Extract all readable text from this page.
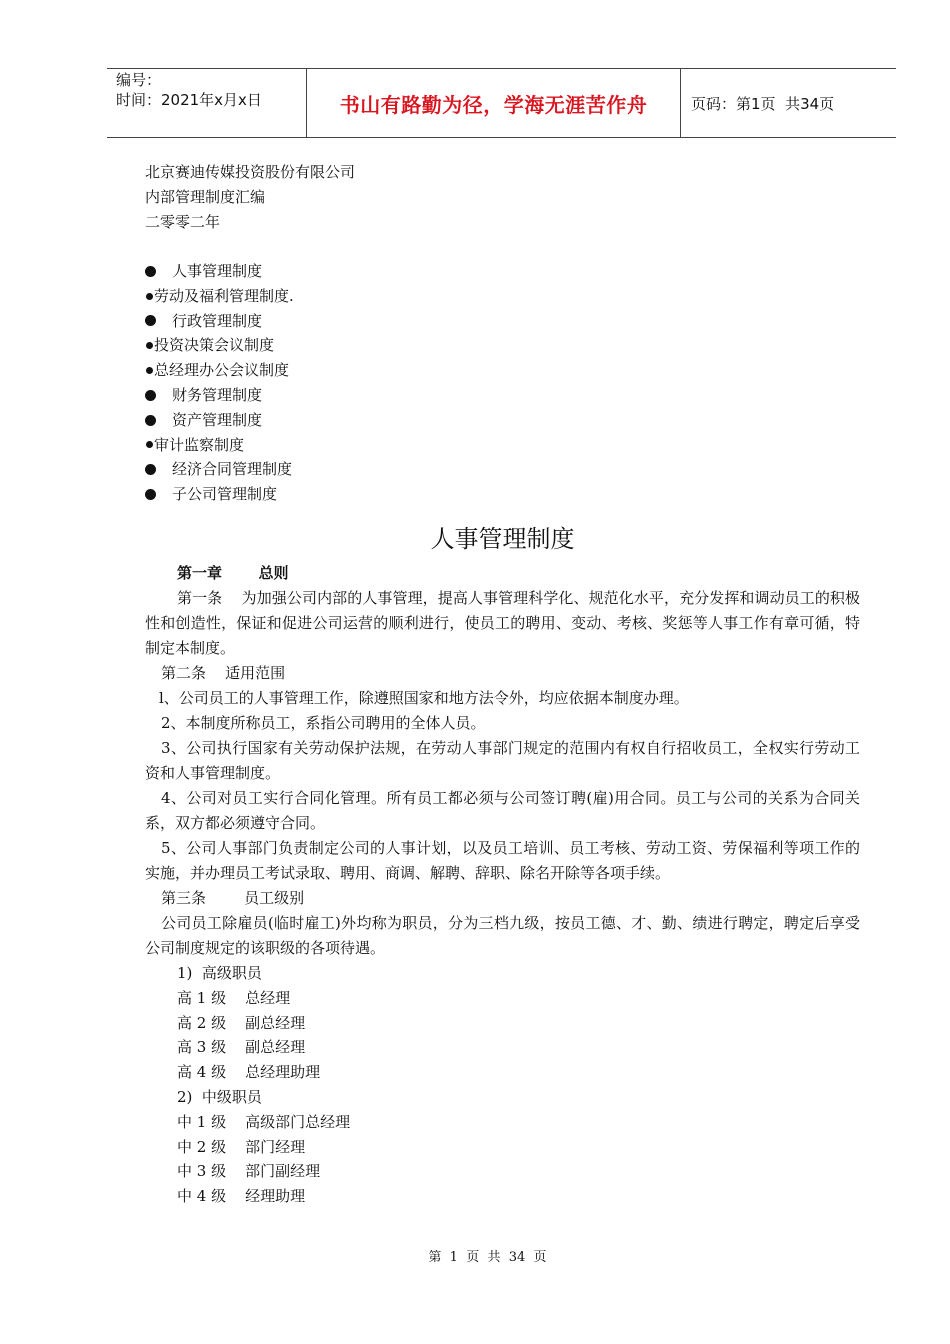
编号：
时间：2021年x月x日	书山有路勤为径，学海无涯苦作舟	页码：第1页  共34页
北京赛迪传媒投资股份有限公司
内部管理制度汇编
二零零二年
人事管理制度
劳动及福利管理制度.
行政管理制度
投资决策会议制度
总经理办公会议制度
财务管理制度
资产管理制度
审计监察制度
经济合同管理制度
子公司管理制度
人事管理制度
第一章       总则
第一条    为加强公司内部的人事管理，提高人事管理科学化、规范化水平，充分发挥和调动员工的积极性和创造性，保证和促进公司运营的顺利进行，使员工的聘用、变动、考核、奖惩等人事工作有章可循，特制定本制度。
第二条    适用范围
l、公司员工的人事管理工作，除遵照国家和地方法令外，均应依据本制度办理。
2、本制度所称员工，系指公司聘用的全体人员。
3、公司执行国家有关劳动保护法规，在劳动人事部门规定的范围内有权自行招收员工，全权实行劳动工资和人事管理制度。
4、公司对员工实行合同化管理。所有员工都必须与公司签订聘(雇)用合同。员工与公司的关系为合同关系，双方都必须遵守合同。
5、公司人事部门负责制定公司的人事计划，以及员工培训、员工考核、劳动工资、劳保福利等项工作的实施，并办理员工考试录取、聘用、商调、解聘、辞职、除名开除等各项手续。
第三条        员工级别
公司员工除雇员(临时雇工)外均称为职员，分为三档九级，按员工德、才、勤、绩进行聘定，聘定后享受公司制度规定的该职级的各项待遇。
1)  高级职员
高 1 级    总经理
高 2 级    副总经理
高 3 级    副总经理
高 4 级    总经理助理
2)  中级职员
中 1 级    高级部门总经理
中 2 级    部门经理
中 3 级    部门副经理
中 4 级    经理助理
第  1  页  共  34  页
